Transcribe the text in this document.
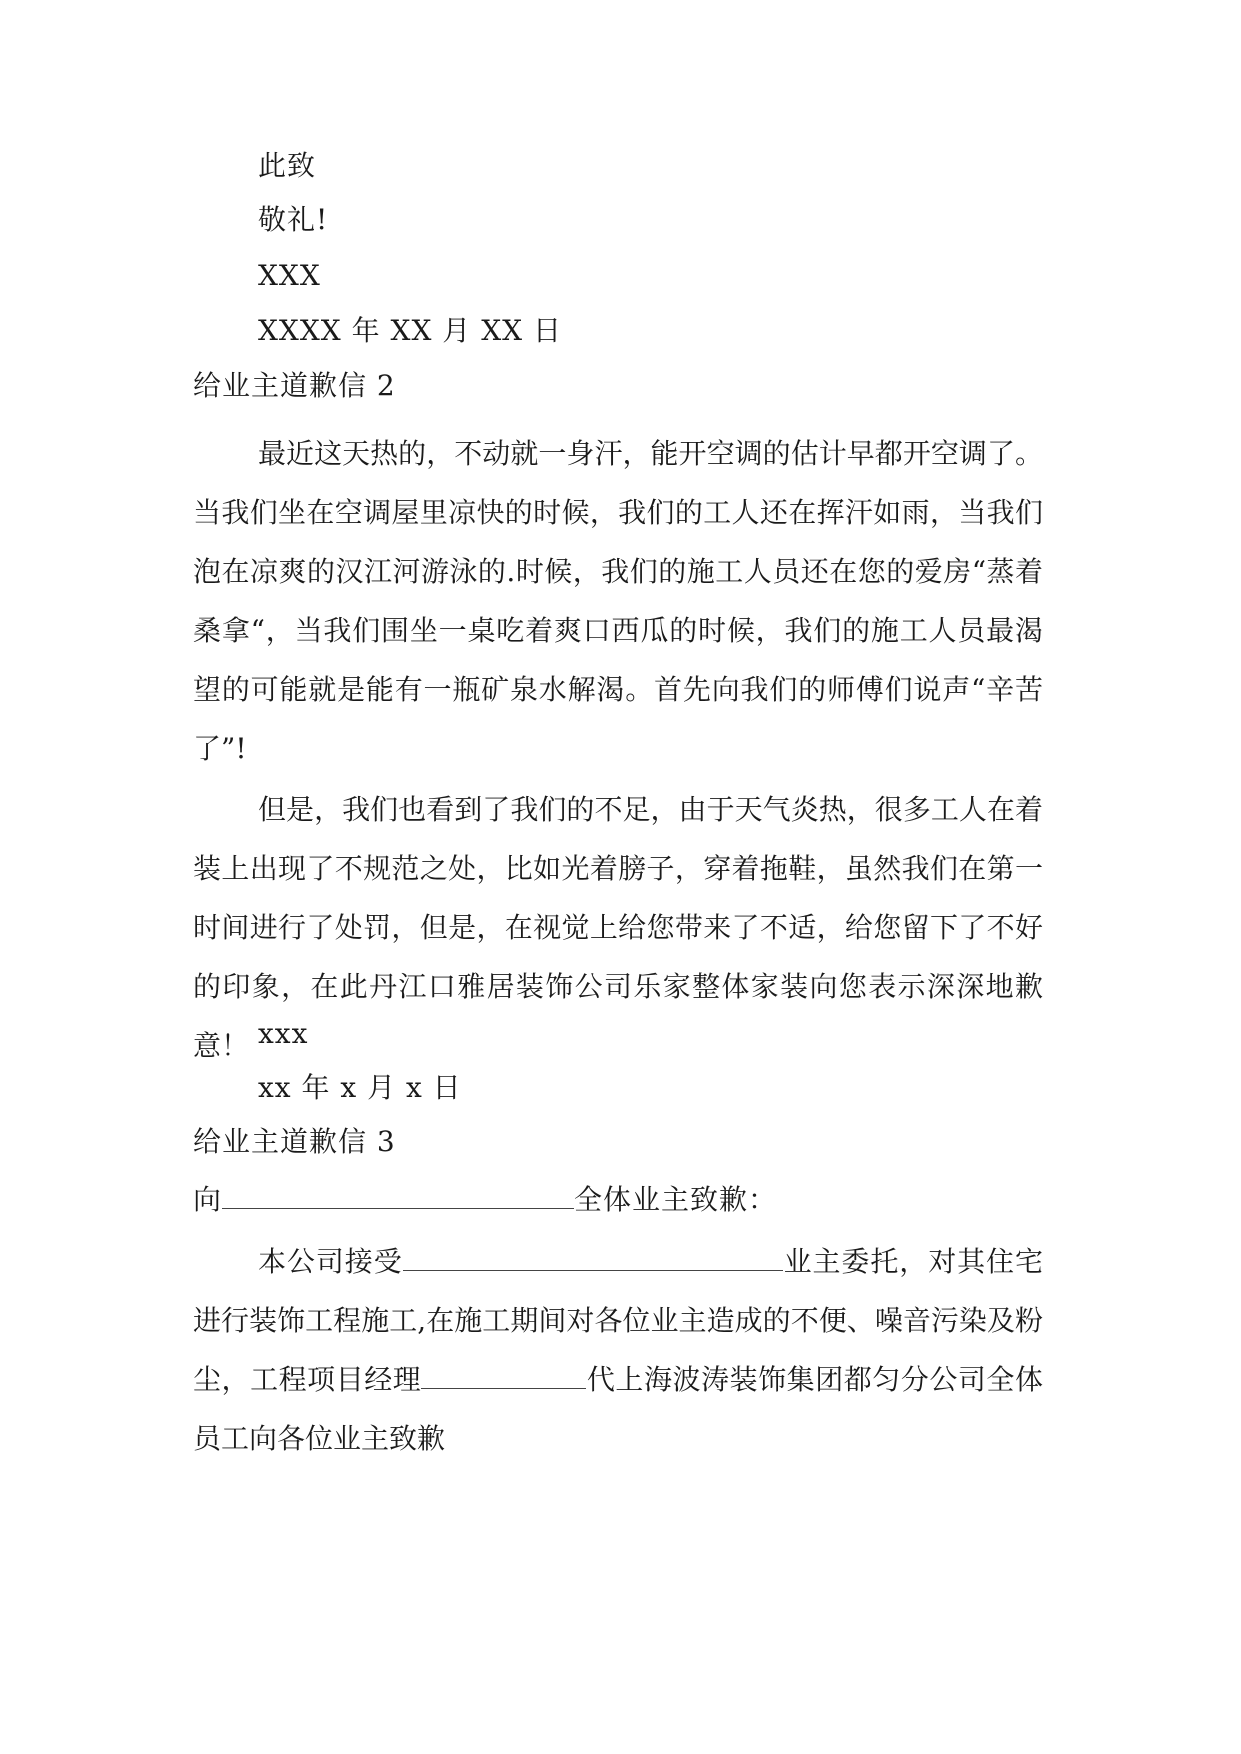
此致
敬礼!
XXX
XXXX 年 XX 月 XX 日
给业主道歉信 2
最近这天热的，不动就一身汗，能开空调的估计早都开空调了。当我们坐在空调屋里凉快的时候，我们的工人还在挥汗如雨，当我们泡在凉爽的汉江河游泳的.时候，我们的施工人员还在您的爱房“蒸着桑拿“，当我们围坐一桌吃着爽口西瓜的时候，我们的施工人员最渴望的可能就是能有一瓶矿泉水解渴。首先向我们的师傅们说声“辛苦了”!
但是，我们也看到了我们的不足，由于天气炎热，很多工人在着装上出现了不规范之处，比如光着膀子，穿着拖鞋，虽然我们在第一时间进行了处罚，但是，在视觉上给您带来了不适，给您留下了不好的印象，在此丹江口雅居装饰公司乐家整体家装向您表示深深地歉意！ xxx
xx 年 x 月 x 日
给业主道歉信 3
向	全体业主致歉：
本公司接受	业主委托，对其住宅进行装饰工程施工,在施工期间对各位业主造成的不便、噪音污染及粉尘，工程项目经理	代上海波涛装饰集团都匀分公司全体员工向各位业主致歉
